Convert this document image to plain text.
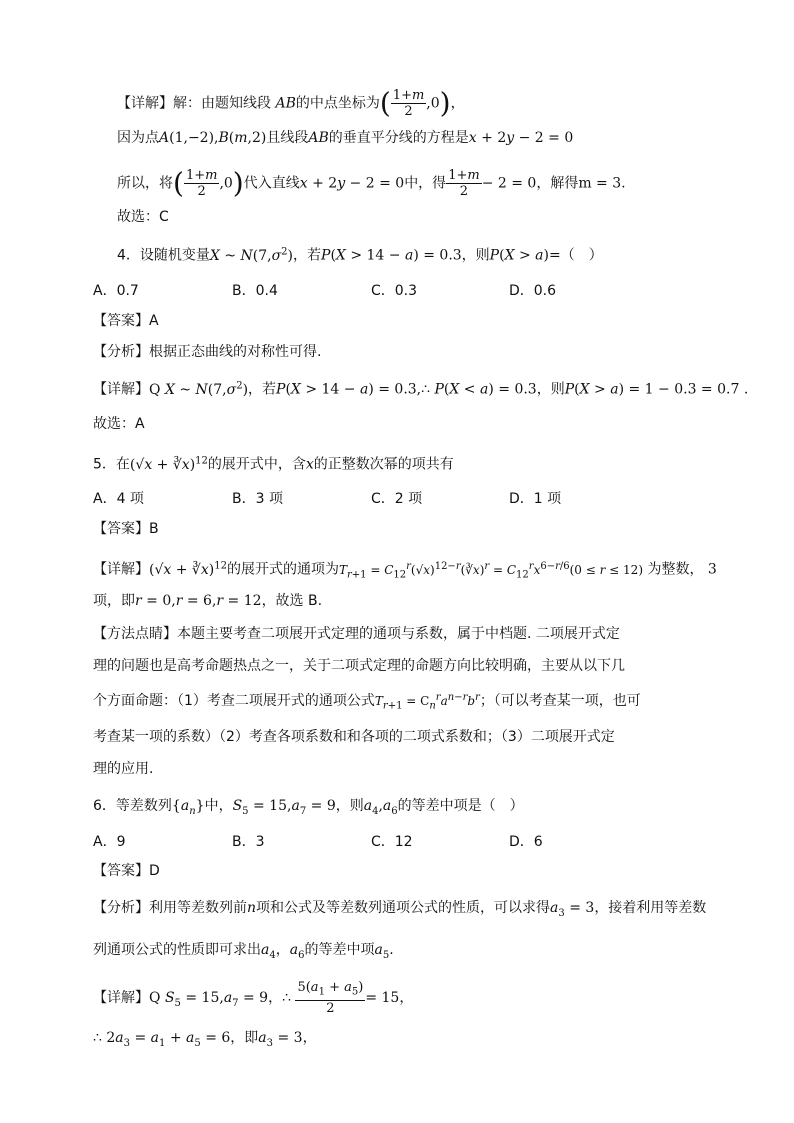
【详解】解：由题知线段 AB的中点坐标为( $\frac{1+m}{2} ,0$)，
因为点A(1,−2),B(m,2)且线段AB的垂直平分线的方程是x + 2y − 2 = 0
所以，将( $\frac{1+m}{2} ,0$)代入直线x + 2y − 2 = 0中，得 $\frac{1+m}{2} - 2 = 0$，解得m = 3.
故选：C
4．设随机变量X ~ $N(7,\sigma^2)$，若P(X > 14 − a) = 0.3，则P(X > a)=（　）
A．0.7	B．0.4	C．0.3	D．0.6
【答案】A
【分析】根据正态曲线的对称性可得.
【详解】Q X ~ $N(7,\sigma^2)$，若P(X > 14 − a) = 0.3,∴ P(X < a) = 0.3，则P(X > a) = 1 − 0.3 = 0.7 .
故选：A
5．在(√x + ∛x)$^{12}$的展开式中，含x的正整数次幂的项共有
A．4 项	B．3 项	C．2 项	D．1 项
【答案】B
【详解】(√x + ∛x)$^{12}$的展开式的通项为$T_{r+1}$ = $C_{12}^r(√x)^{12-r}(∛x)^r = C_{12}^rx^{6-r/6}(0 \le r \le 12)$ 为整数， 3
项，即r = 0,r = 6,r = 12，故选 B.
【方法点睛】本题主要考查二项展开式定理的通项与系数，属于中档题. 二项展开式定
理的问题也是高考命题热点之一，关于二项式定理的命题方向比较明确，主要从以下几
个方面命题：（1）考查二项展开式的通项公式$T_{r+1} = C_n^ra^{n-r}b^r$；（可以考查某一项，也可
考查某一项的系数）（2）考查各项系数和和各项的二项式系数和；（3）二项展开式定
理的应用.
6．等差数列$\{a_n\}$中，$S_5 = 15,a_7 = 9$，则$a_4,a_6$的等差中项是（　）
A．9	B．3	C．12	D．6
【答案】D
【分析】利用等差数列前n项和公式及等差数列通项公式的性质，可以求得$a_3 = 3$，接着利用等差数
列通项公式的性质即可求出$a_4$，$a_6$的等差中项$a_5$.
【详解】Q $S_5 = 15,a_7 = 9$，∴ $\frac{5(a_1 + a_5)}{2} = 15$，
∴ $2a_3 = a_1 + a_5 = 6$，即$a_3 = 3$，
